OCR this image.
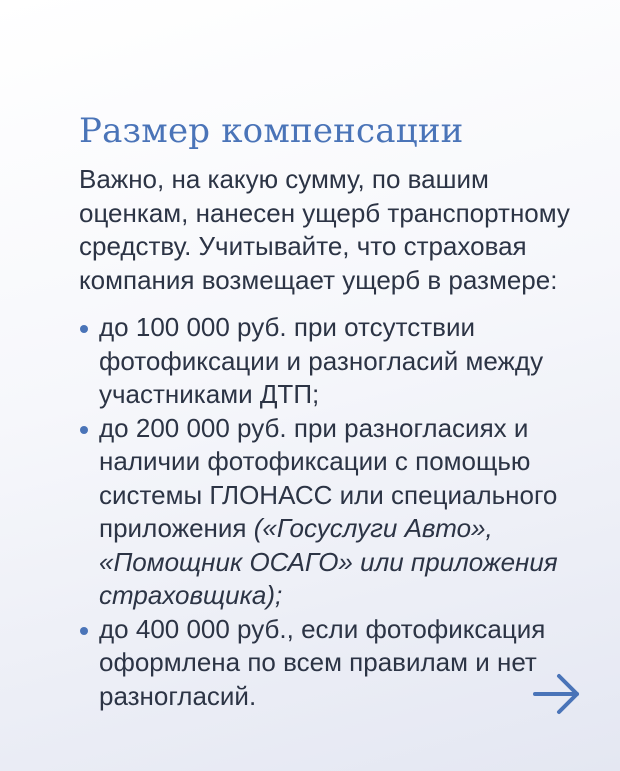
Размер компенсации

Важно, на какую сумму, по вашим оценкам, нанесен ущерб транспортному средству. Учитывайте, что страховая компания возмещает ущерб в размере:

до 100 000 руб. при отсутствии фотофиксации и разногласий между участниками ДТП;
до 200 000 руб. при разногласиях и наличии фотофиксации с помощью системы ГЛОНАСС или специального приложения («Госуслуги Авто», «Помощник ОСАГО» или приложения страховщика);
до 400 000 руб., если фотофиксация оформлена по всем правилам и нет разногласий.
